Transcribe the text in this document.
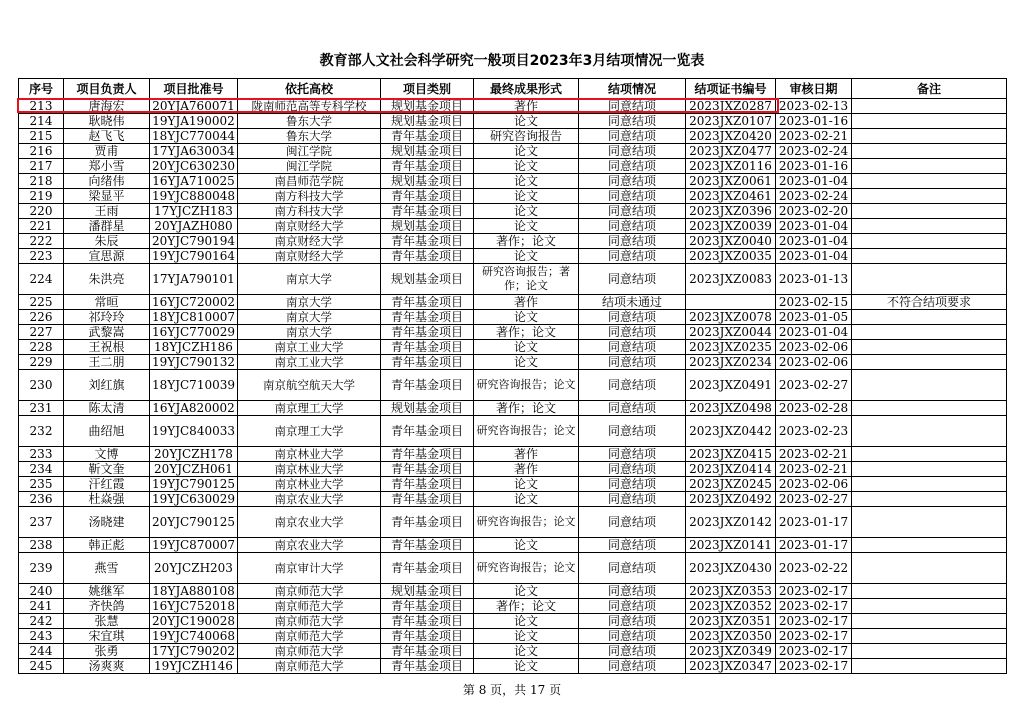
教育部人文社会科学研究一般项目2023年3月结项情况一览表
序号	项目负责人	项目批准号	依托高校	项目类别	最终成果形式	结项情况	结项证书编号	审核日期	备注
213	唐海宏	20YJA760071	陇南师范高等专科学校	规划基金项目	著作	同意结项	2023JXZ0287	2023-02-13	
214	耿晓伟	19YJA190002	鲁东大学	规划基金项目	论文	同意结项	2023JXZ0107	2023-01-16	
215	赵飞飞	18YJC770044	鲁东大学	青年基金项目	研究咨询报告	同意结项	2023JXZ0420	2023-02-21	
216	贾甫	17YJA630034	闽江学院	规划基金项目	论文	同意结项	2023JXZ0477	2023-02-24	
217	郑小雪	20YJC630230	闽江学院	青年基金项目	论文	同意结项	2023JXZ0116	2023-01-16	
218	向绪伟	16YJA710025	南昌师范学院	规划基金项目	论文	同意结项	2023JXZ0061	2023-01-04	
219	梁显平	19YJC880048	南方科技大学	青年基金项目	论文	同意结项	2023JXZ0461	2023-02-24	
220	王雨	17YJCZH183	南方科技大学	青年基金项目	论文	同意结项	2023JXZ0396	2023-02-20	
221	潘群星	20YJAZH080	南京财经大学	规划基金项目	论文	同意结项	2023JXZ0039	2023-01-04	
222	朱辰	20YJC790194	南京财经大学	青年基金项目	著作；论文	同意结项	2023JXZ0040	2023-01-04	
223	宣思源	19YJC790164	南京财经大学	青年基金项目	论文	同意结项	2023JXZ0035	2023-01-04	
224	朱洪亮	17YJA790101	南京大学	规划基金项目	研究咨询报告；著作；论文	同意结项	2023JXZ0083	2023-01-13	
225	常晅	16YJC720002	南京大学	青年基金项目	著作	结项未通过		2023-02-15	不符合结项要求
226	祁玲玲	18YJC810007	南京大学	青年基金项目	论文	同意结项	2023JXZ0078	2023-01-05	
227	武黎嵩	16YJC770029	南京大学	青年基金项目	著作；论文	同意结项	2023JXZ0044	2023-01-04	
228	王祝根	18YJCZH186	南京工业大学	青年基金项目	论文	同意结项	2023JXZ0235	2023-02-06	
229	王二朋	19YJC790132	南京工业大学	青年基金项目	论文	同意结项	2023JXZ0234	2023-02-06	
230	刘红旗	18YJC710039	南京航空航天大学	青年基金项目	研究咨询报告；论文	同意结项	2023JXZ0491	2023-02-27	
231	陈太清	16YJA820002	南京理工大学	规划基金项目	著作；论文	同意结项	2023JXZ0498	2023-02-28	
232	曲绍旭	19YJC840033	南京理工大学	青年基金项目	研究咨询报告；论文	同意结项	2023JXZ0442	2023-02-23	
233	文博	20YJCZH178	南京林业大学	青年基金项目	著作	同意结项	2023JXZ0415	2023-02-21	
234	靳文奎	20YJCZH061	南京林业大学	青年基金项目	著作	同意结项	2023JXZ0414	2023-02-21	
235	汗红霞	19YJC790125	南京林业大学	青年基金项目	论文	同意结项	2023JXZ0245	2023-02-06	
236	杜焱强	19YJC630029	南京农业大学	青年基金项目	论文	同意结项	2023JXZ0492	2023-02-27	
237	汤晓建	20YJC790125	南京农业大学	青年基金项目	研究咨询报告；论文	同意结项	2023JXZ0142	2023-01-17	
238	韩正彪	19YJC870007	南京农业大学	青年基金项目	论文	同意结项	2023JXZ0141	2023-01-17	
239	燕雪	20YJCZH203	南京审计大学	青年基金项目	研究咨询报告；论文	同意结项	2023JXZ0430	2023-02-22	
240	姚继军	18YJA880108	南京师范大学	规划基金项目	论文	同意结项	2023JXZ0353	2023-02-17	
241	齐快鸽	16YJC752018	南京师范大学	青年基金项目	著作；论文	同意结项	2023JXZ0352	2023-02-17	
242	张慧	20YJC190028	南京师范大学	青年基金项目	论文	同意结项	2023JXZ0351	2023-02-17	
243	宋宜琪	19YJC740068	南京师范大学	青年基金项目	论文	同意结项	2023JXZ0350	2023-02-17	
244	张勇	17YJC790202	南京师范大学	青年基金项目	论文	同意结项	2023JXZ0349	2023-02-17	
245	汤爽爽	19YJCZH146	南京师范大学	青年基金项目	论文	同意结项	2023JXZ0347	2023-02-17	
第 8 页，共 17 页
